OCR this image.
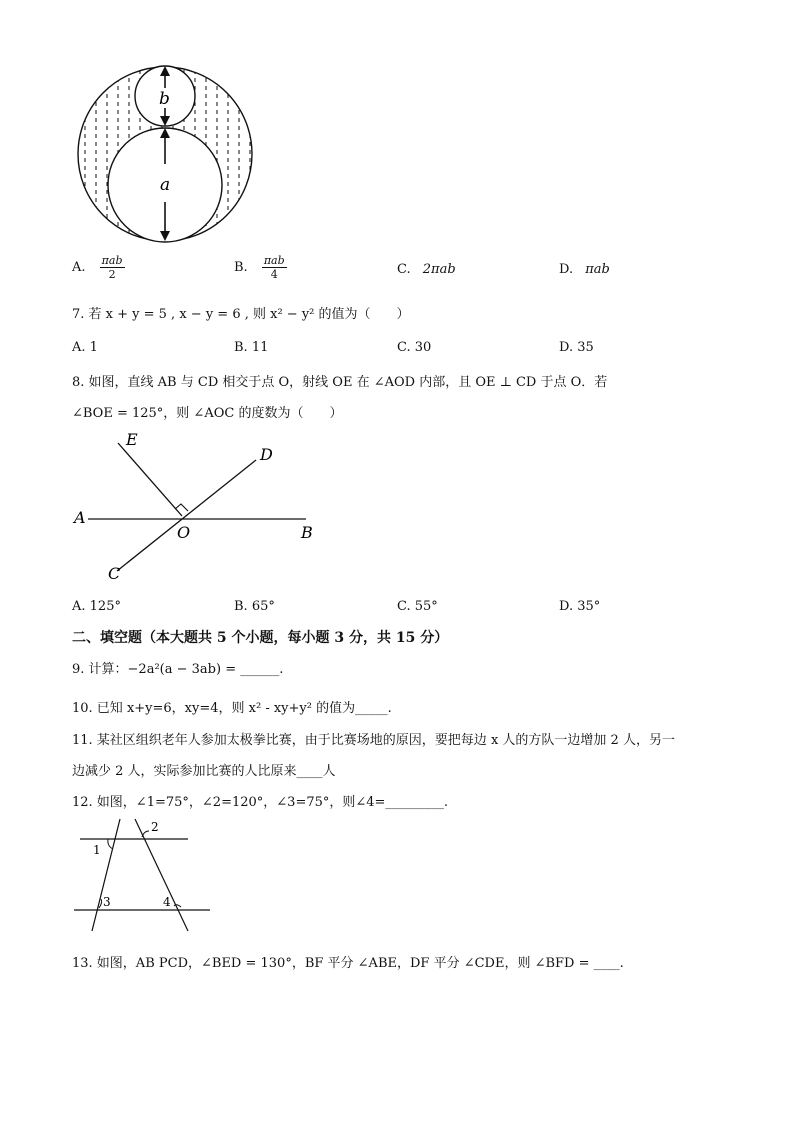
b
a
A. $\frac{\text{πab}}{2}$	B. $\frac{\text{πab}}{4}$	C. 2πab	D. πab
7. 若 x + y = 5 , x − y = 6 , 则 x² − y² 的值为（　　）
A. 1	B. 11	C. 30	D. 35
8. 如图，直线 AB 与 CD 相交于点 O，射线 OE 在 ∠AOD 内部，且 OE ⊥ CD 于点 O．若
∠BOE = 125°，则 ∠AOC 的度数为（　　）
E
D
A
O	B
C
A. 125°	B. 65°	C. 55°	D. 35°
二、填空题（本大题共 5 个小题，每小题 3 分，共 15 分）
9. 计算：−2a²(a − 3ab) = ______.
10. 已知 x+y=6，xy=4，则 x² - xy+y² 的值为_____.
11. 某社区组织老年人参加太极拳比赛，由于比赛场地的原因，要把每边 x 人的方队一边增加 2 人，另一
边减少 2 人，实际参加比赛的人比原来____人
12. 如图，∠1=75°，∠2=120°，∠3=75°，则∠4=_________.
1
2
3	4
13. 如图，AB PCD，∠BED = 130°，BF 平分 ∠ABE，DF 平分 ∠CDE，则 ∠BFD = ____.
